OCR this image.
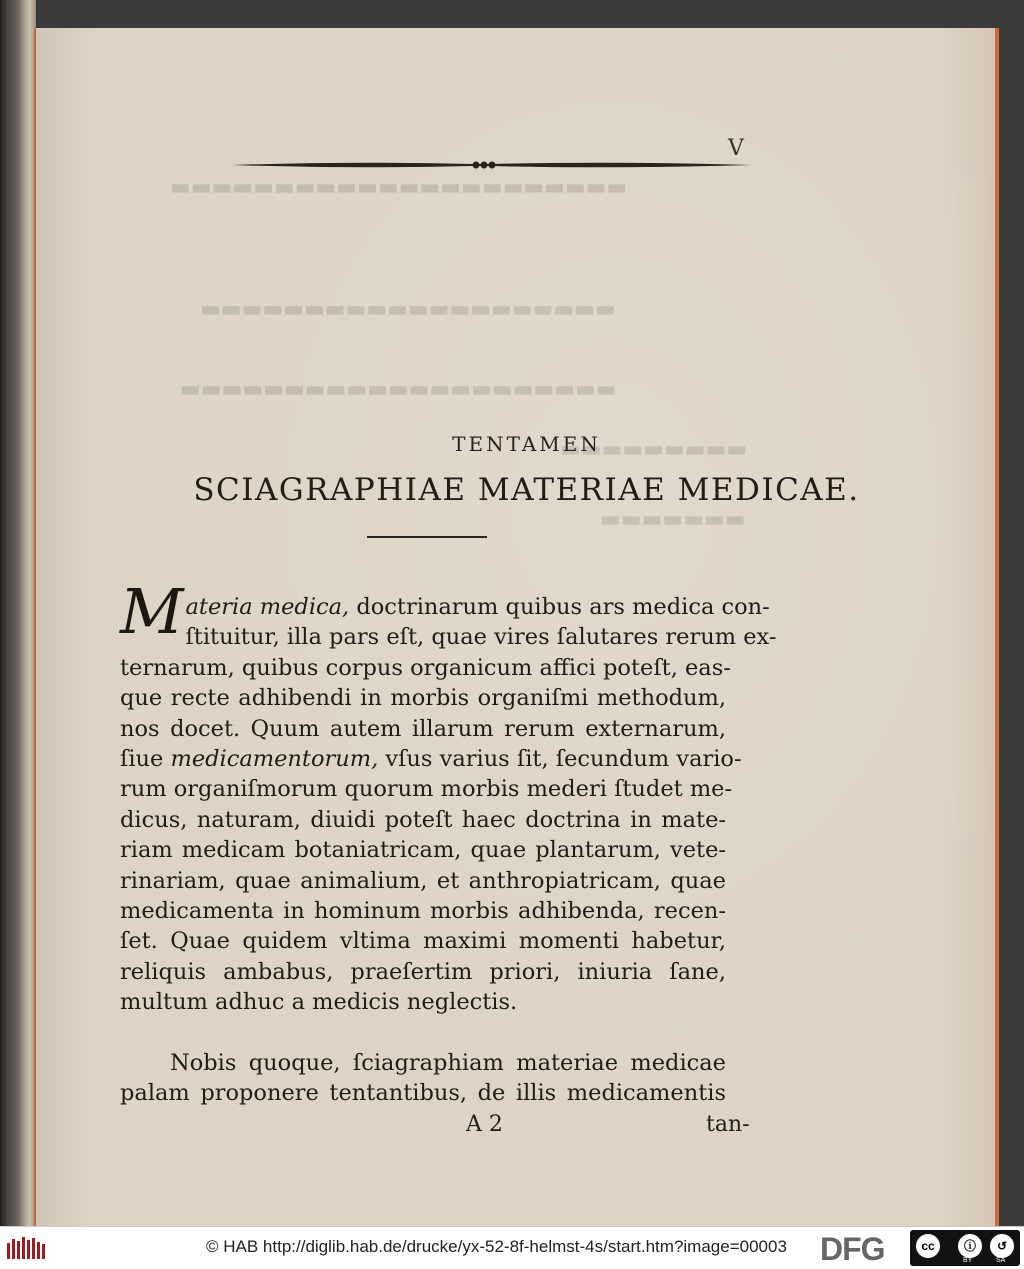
▬▬▬▬▬▬▬▬▬▬▬▬▬▬▬▬▬▬▬▬▬▬
▬▬▬▬▬▬▬▬▬▬▬▬▬▬▬▬▬▬▬▬
▬▬▬▬▬▬▬▬▬▬▬▬▬▬▬▬▬▬▬▬▬
▬▬▬▬▬▬▬▬▬
▬▬▬▬▬▬▬
V
TENTAMEN
SCIAGRAPHIAE MATERIAE MEDICAE.
M ateria medica, doctrinarum quibus ars medica con-
ſtituitur, illa pars eſt, quae vires ſalutares rerum ex-
ternarum, quibus corpus organicum affici poteſt, eas-
que recte adhibendi in morbis organiſmi methodum,
nos docet. Quum autem illarum rerum externarum,
ſiue medicamentorum, vſus varius ſit, ſecundum vario-
rum organiſmorum quorum morbis mederi ſtudet me-
dicus, naturam, diuidi poteſt haec doctrina in mate-
riam medicam botaniatricam, quae plantarum, vete-
rinariam, quae animalium, et anthropiatricam, quae
medicamenta in hominum morbis adhibenda, recen-
ſet. Quae quidem vltima maximi momenti habetur,
reliquis ambabus, praeſertim priori, iniuria ſane,
multum adhuc a medicis neglectis.
Nobis quoque, ſciagraphiam materiae medicae
palam proponere tentantibus, de illis medicamentis
A 2	tan-
© HAB http://diglib.hab.de/drucke/yx-52-8f-helmst-4s/start.htm?image=00003 DFG	cc	ⓘ	↺
BY	SA
